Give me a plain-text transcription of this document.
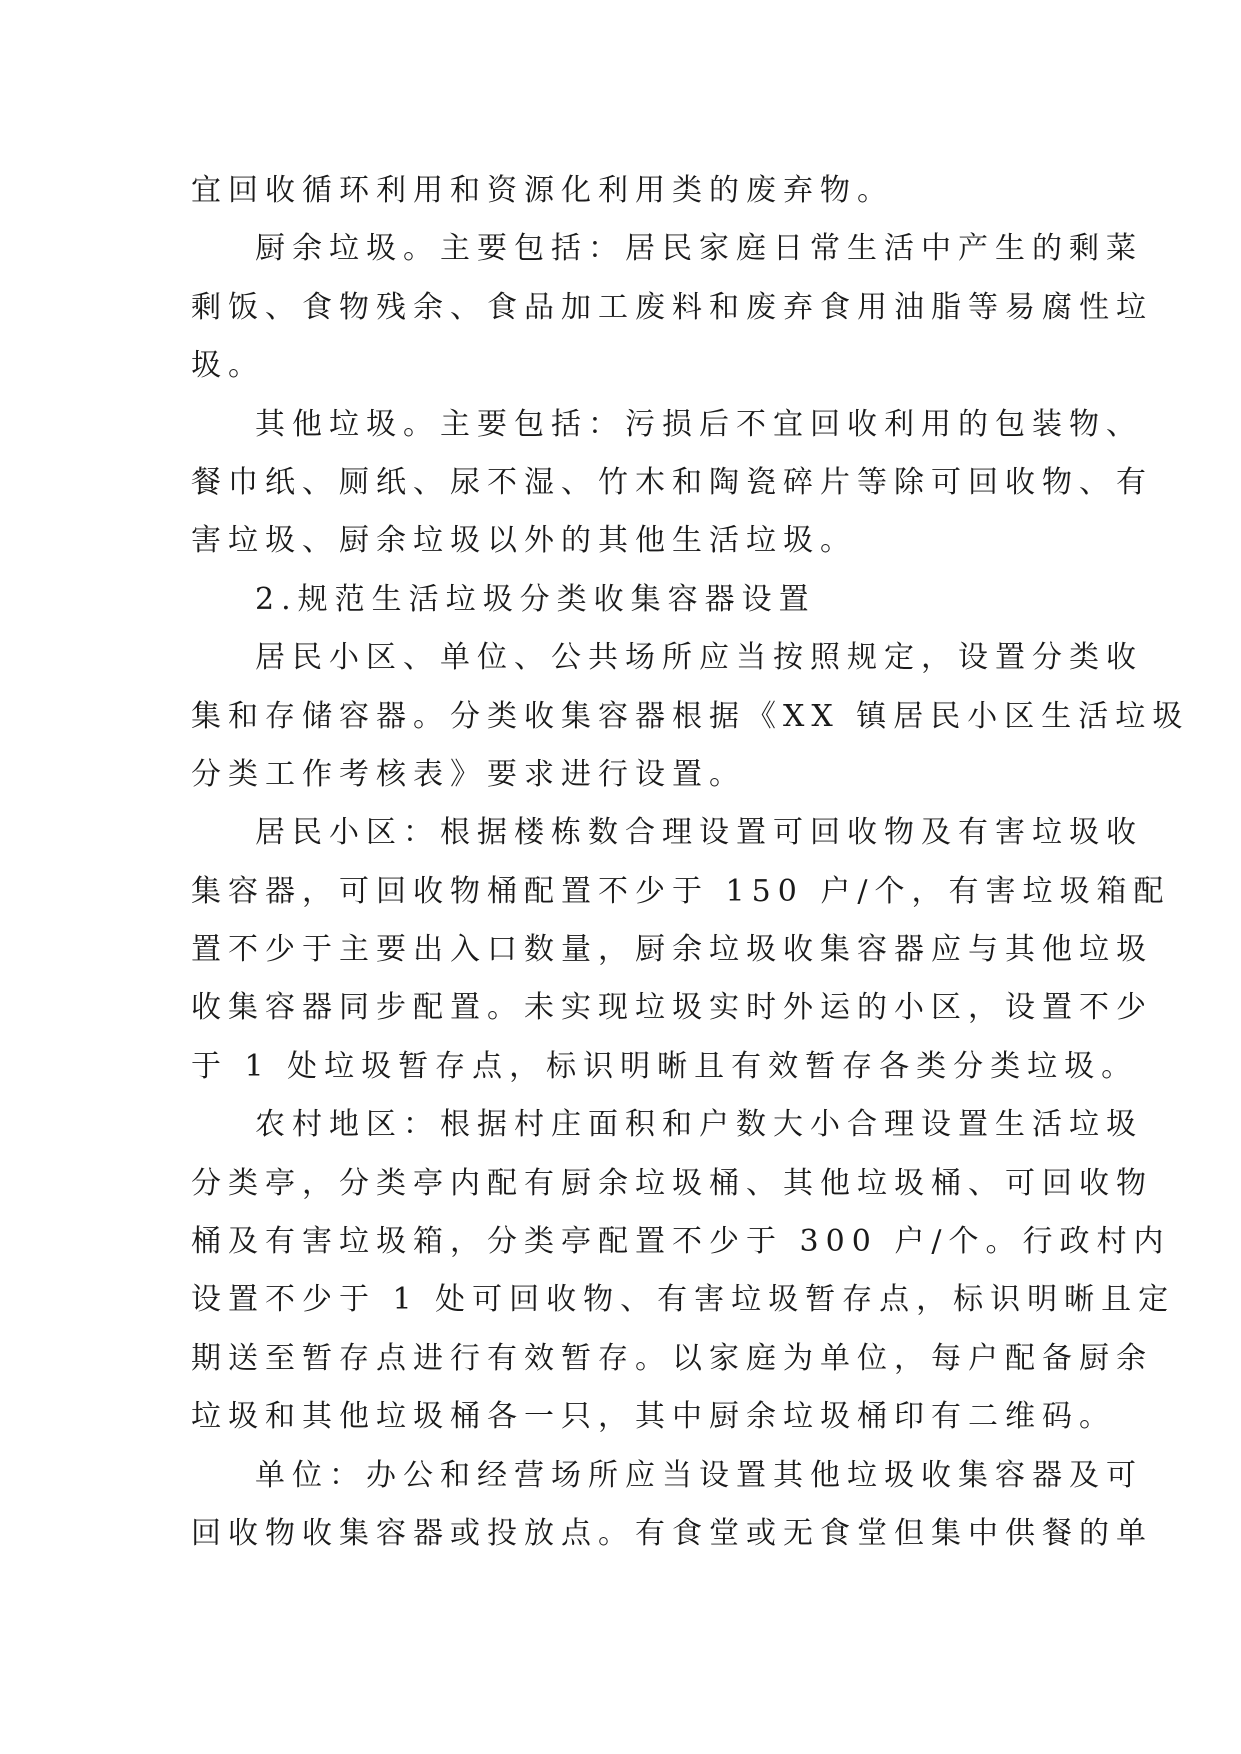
宜回收循环利用和资源化利用类的废弃物。
厨余垃圾。主要包括：居民家庭日常生活中产生的剩菜
剩饭、食物残余、食品加工废料和废弃食用油脂等易腐性垃
圾。
其他垃圾。主要包括：污损后不宜回收利用的包装物、
餐巾纸、厕纸、尿不湿、竹木和陶瓷碎片等除可回收物、有
害垃圾、厨余垃圾以外的其他生活垃圾。
2.规范生活垃圾分类收集容器设置
居民小区、单位、公共场所应当按照规定，设置分类收
集和存储容器。分类收集容器根据《XX 镇居民小区生活垃圾
分类工作考核表》要求进行设置。
居民小区：根据楼栋数合理设置可回收物及有害垃圾收
集容器，可回收物桶配置不少于 150 户/个，有害垃圾箱配
置不少于主要出入口数量，厨余垃圾收集容器应与其他垃圾
收集容器同步配置。未实现垃圾实时外运的小区，设置不少
于 1 处垃圾暂存点，标识明晰且有效暂存各类分类垃圾。
农村地区：根据村庄面积和户数大小合理设置生活垃圾
分类亭，分类亭内配有厨余垃圾桶、其他垃圾桶、可回收物
桶及有害垃圾箱，分类亭配置不少于 300 户/个。行政村内
设置不少于 1 处可回收物、有害垃圾暂存点，标识明晰且定
期送至暂存点进行有效暂存。以家庭为单位，每户配备厨余
垃圾和其他垃圾桶各一只，其中厨余垃圾桶印有二维码。
单位：办公和经营场所应当设置其他垃圾收集容器及可
回收物收集容器或投放点。有食堂或无食堂但集中供餐的单
